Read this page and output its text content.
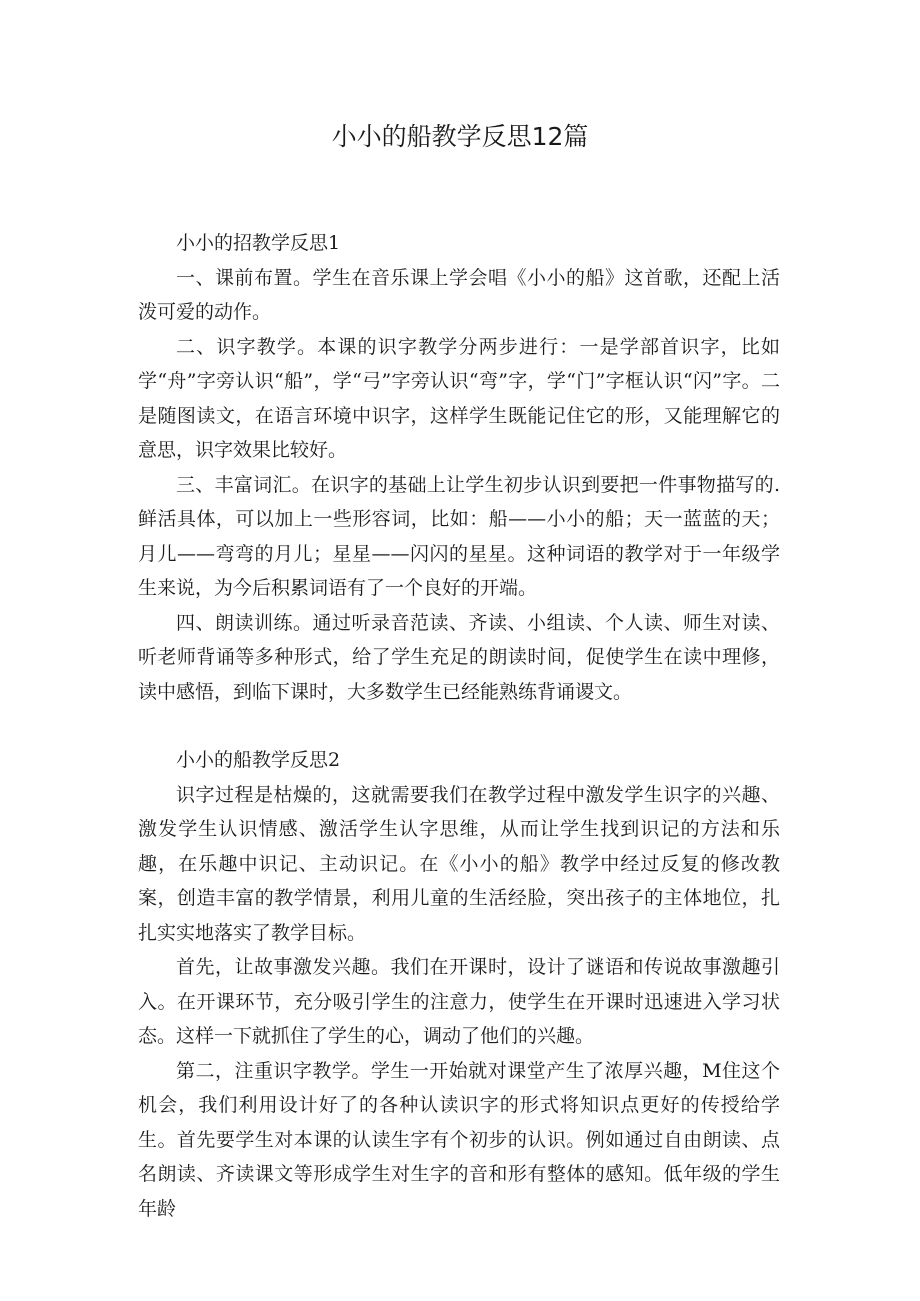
小小的船教学反思12篇

小小的招教学反思1

一、课前布置。学生在音乐课上学会唱《小小的船》这首歌，还配上活泼可爱的动作。

二、识字教学。本课的识字教学分两步进行：一是学部首识字，比如学“舟”字旁认识“船”，学“弓”字旁认识“弯”字，学“门”字框认识“闪”字。二是随图读文，在语言环境中识字，这样学生既能记住它的形，又能理解它的意思，识字效果比较好。

三、丰富词汇。在识字的基础上让学生初步认识到要把一件事物描写的.鲜活具体，可以加上一些形容词，比如：船——小小的船；天一蓝蓝的天；月儿——弯弯的月儿；星星——闪闪的星星。这种词语的教学对于一年级学生来说，为今后积累词语有了一个良好的开端。

四、朗读训练。通过听录音范读、齐读、小组读、个人读、师生对读、听老师背诵等多种形式，给了学生充足的朗读时间，促使学生在读中理修，读中感悟，到临下课时，大多数学生已经能熟练背诵谡文。

小小的船教学反思2

识字过程是枯燥的，这就需要我们在教学过程中激发学生识字的兴趣、激发学生认识情感、激活学生认字思维，从而让学生找到识记的方法和乐趣，在乐趣中识记、主动识记。在《小小的船》教学中经过反复的修改教案，创造丰富的教学情景，利用儿童的生活经脸，突出孩子的主体地位，扎扎实实地落实了教学目标。

首先，让故事激发兴趣。我们在开课时，设计了谜语和传说故事激趣引入。在开课环节，充分吸引学生的注意力，使学生在开课时迅速进入学习状态。这样一下就抓住了学生的心，调动了他们的兴趣。

第二，注重识字教学。学生一开始就对课堂产生了浓厚兴趣，M住这个机会，我们利用设计好了的各种认读识字的形式将知识点更好的传授给学生。首先要学生对本课的认读生字有个初步的认识。例如通过自由朗读、点名朗读、齐读课文等形成学生对生字的音和形有整体的感知。低年级的学生年龄
